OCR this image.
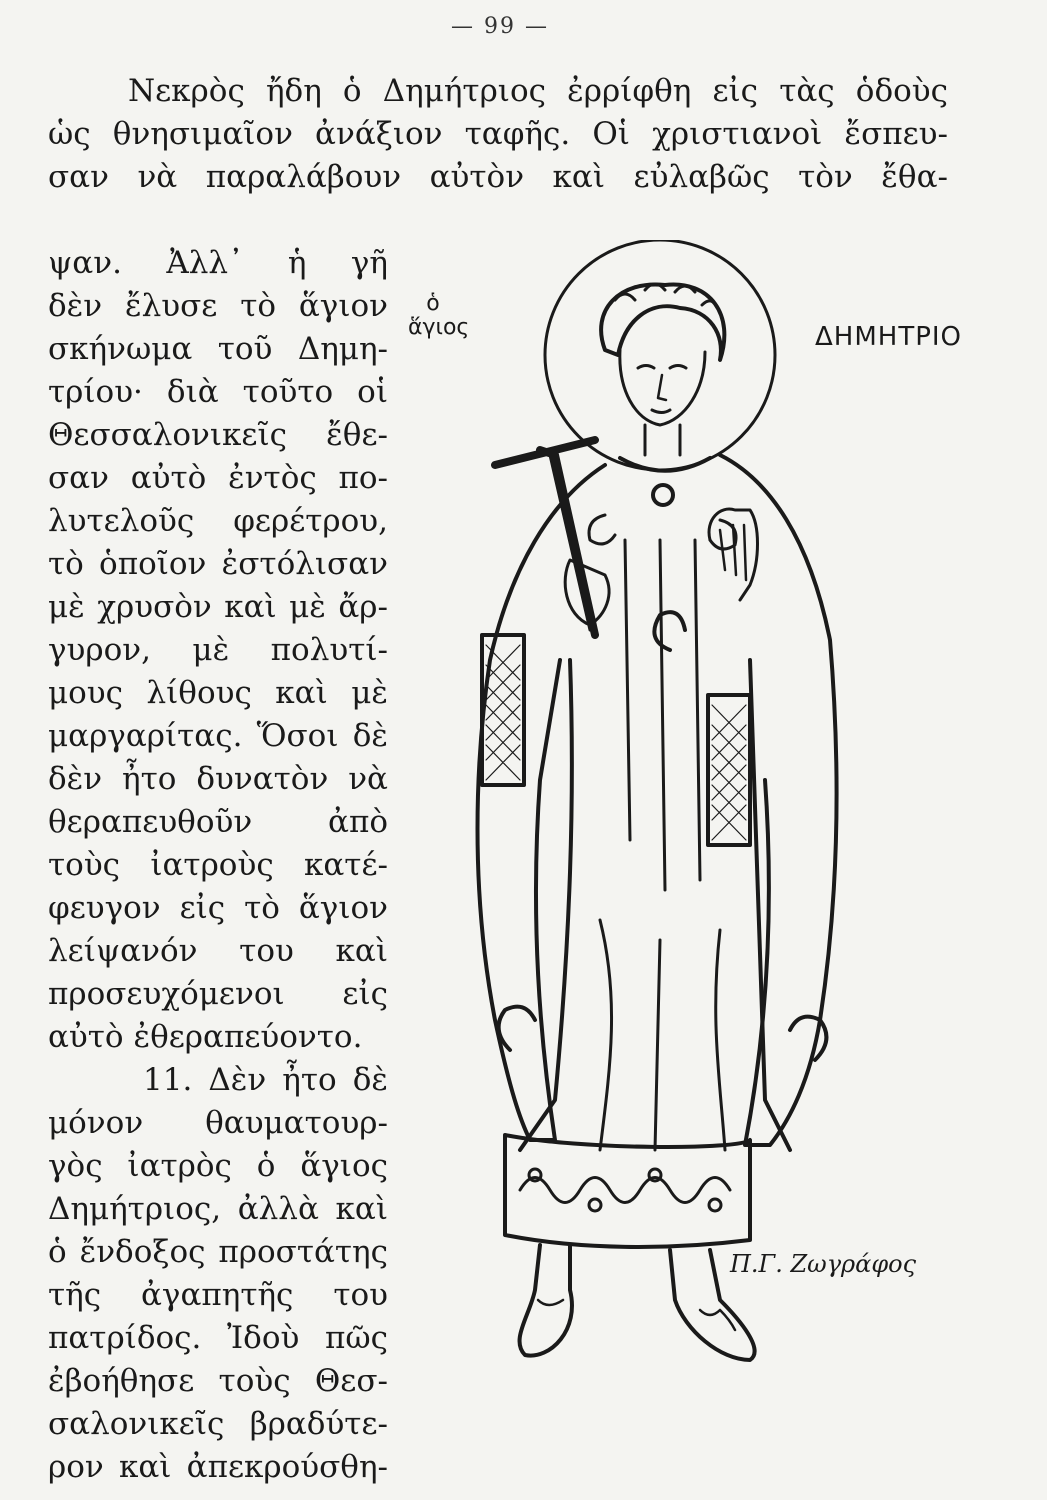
— 99 —
Νεκρὸς ἤδη ὁ Δημήτριος ἐρρίφθη εἰς τὰς ὁδοὺς
ὡς θνησιμαῖον ἀνάξιον ταφῆς. Οἱ χριστιανοὶ ἔσπευ-
σαν νὰ παραλάβουν αὐτὸν καὶ εὐλαβῶς τὸν ἔθα-
ψαν. Ἀλλ᾿ ἡ γῆ
δὲν ἔλυσε τὸ ἅγιον
σκήνωμα τοῦ Δημη-
τρίου· διὰ τοῦτο οἱ
Θεσσαλονικεῖς ἔθε-
σαν αὐτὸ ἐντὸς πο-
λυτελοῦς φερέτρου,
τὸ ὁποῖον ἐστόλισαν
μὲ χρυσὸν καὶ μὲ ἄρ-
γυρον, μὲ πολυτί-
μους λίθους καὶ μὲ
μαργαρίτας. Ὅσοι δὲ
δὲν ἦτο δυνατὸν νὰ
θεραπευθοῦν ἀπὸ
τοὺς ἰατροὺς κατέ-
φευγον εἰς τὸ ἅγιον
λείψανόν του καὶ
προσευχόμενοι εἰς
αὐτὸ ἐθεραπεύοντο.
11. Δὲν ἦτο δὲ
μόνον θαυματουρ-
γὸς ἰατρὸς ὁ ἅγιος
Δημήτριος, ἀλλὰ καὶ
ὁ ἔνδοξος προστάτης
τῆς ἀγαπητῆς του
πατρίδος. Ἰδοὺ πῶς
ἐβοήθησε τοὺς Θεσ-
σαλονικεῖς βραδύτε-
ρον καὶ ἀπεκρούσθη-
ὁ ἅγιος	ΔΗΜΗΤΡΙΟ
Π.Γ. Ζωγράφος
